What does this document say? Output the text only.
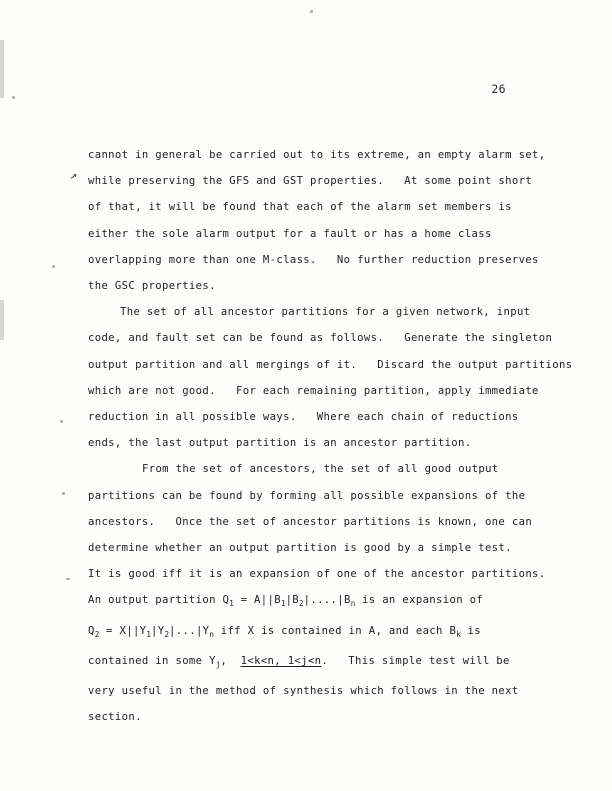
26
↗
cannot in general be carried out to its extreme, an empty alarm set,
while preserving the GFS and GST properties.   At some point short
of that, it will be found that each of the alarm set members is
either the sole alarm output for a fault or has a home class
overlapping more than one M-class.   No further reduction preserves
the GSC properties.
The set of all ancestor partitions for a given network, input
code, and fault set can be found as follows.   Generate the singleton
output partition and all mergings of it.   Discard the output partitions
which are not good.   For each remaining partition, apply immediate
reduction in all possible ways.   Where each chain of reductions
ends, the last output partition is an ancestor partition.
From the set of ancestors, the set of all good output
partitions can be found by forming all possible expansions of the
ancestors.   Once the set of ancestor partitions is known, one can
determine whether an output partition is good by a simple test.
It is good iff it is an expansion of one of the ancestor partitions.
An output partition $Q_1 = A||B_1|B_2|....|B_n$ is an expansion of
$Q_2 = X||Y_1|Y_2|...|Y_n$ iff X is contained in A, and each $B_k$ is
contained in some $Y_j$,  1<k<n, 1<j<n.   This simple test will be
very useful in the method of synthesis which follows in the next
section.
